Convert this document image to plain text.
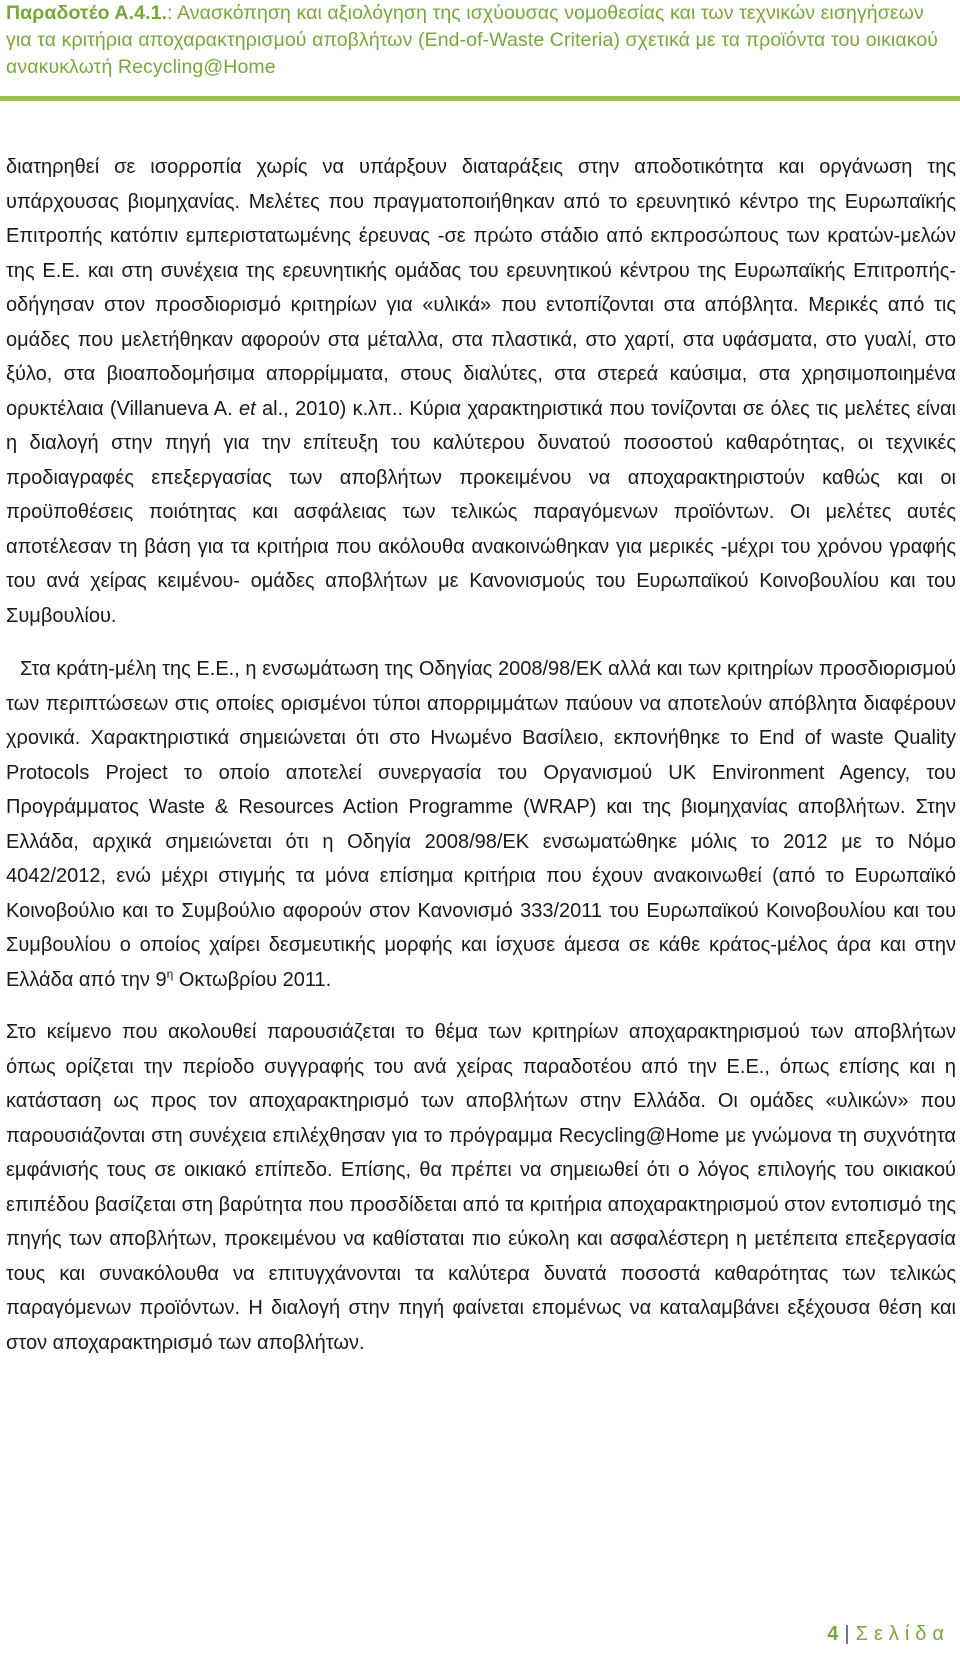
Παραδοτέο Α.4.1.: Ανασκόπηση και αξιολόγηση της ισχύουσας νομοθεσίας και των τεχνικών εισηγήσεων για τα κριτήρια αποχαρακτηρισμού αποβλήτων (End-of-Waste Criteria) σχετικά με τα προϊόντα του οικιακού ανακυκλωτή Recycling@Home

διατηρηθεί σε ισορροπία χωρίς να υπάρξουν διαταράξεις στην αποδοτικότητα και οργάνωση της υπάρχουσας βιομηχανίας. Μελέτες που πραγματοποιήθηκαν από το ερευνητικό κέντρο της Ευρωπαϊκής Επιτροπής κατόπιν εμπεριστατωμένης έρευνας -σε πρώτο στάδιο από εκπροσώπους των κρατών-μελών της Ε.Ε. και στη συνέχεια της ερευνητικής ομάδας του ερευνητικού κέντρου της Ευρωπαϊκής Επιτροπής- οδήγησαν στον προσδιορισμό κριτηρίων για «υλικά» που εντοπίζονται στα απόβλητα. Μερικές από τις ομάδες που μελετήθηκαν αφορούν στα μέταλλα, στα πλαστικά, στο χαρτί, στα υφάσματα, στο γυαλί, στο ξύλο, στα βιοαποδομήσιμα απορρίμματα, στους διαλύτες, στα στερεά καύσιμα, στα χρησιμοποιημένα ορυκτέλαια (Villanueva A. et al., 2010) κ.λπ.. Κύρια χαρακτηριστικά που τονίζονται σε όλες τις μελέτες είναι η διαλογή στην πηγή για την επίτευξη του καλύτερου δυνατού ποσοστού καθαρότητας, οι τεχνικές προδιαγραφές επεξεργασίας των αποβλήτων προκειμένου να αποχαρακτηριστούν καθώς και οι προϋποθέσεις ποιότητας και ασφάλειας των τελικώς παραγόμενων προϊόντων. Οι μελέτες αυτές αποτέλεσαν τη βάση για τα κριτήρια που ακόλουθα ανακοινώθηκαν για μερικές -μέχρι του χρόνου γραφής του ανά χείρας κειμένου- ομάδες αποβλήτων με Κανονισμούς του Ευρωπαϊκού Κοινοβουλίου και του Συμβουλίου.

Στα κράτη-μέλη της Ε.Ε., η ενσωμάτωση της Οδηγίας 2008/98/ΕΚ αλλά και των κριτηρίων προσδιορισμού των περιπτώσεων στις οποίες ορισμένοι τύποι απορριμμάτων παύουν να αποτελούν απόβλητα διαφέρουν χρονικά. Χαρακτηριστικά σημειώνεται ότι στο Ηνωμένο Βασίλειο, εκπονήθηκε το End of waste Quality Protocols Project το οποίο αποτελεί συνεργασία του Οργανισμού UK Environment Agency, του Προγράμματος Waste & Resources Action Programme (WRAP) και της βιομηχανίας αποβλήτων. Στην Ελλάδα, αρχικά σημειώνεται ότι η Οδηγία 2008/98/ΕΚ ενσωματώθηκε μόλις το 2012 με το Νόμο 4042/2012, ενώ μέχρι στιγμής τα μόνα επίσημα κριτήρια που έχουν ανακοινωθεί (από το Ευρωπαϊκό Κοινοβούλιο και το Συμβούλιο αφορούν στον Κανονισμό 333/2011 του Ευρωπαϊκού Κοινοβουλίου και του Συμβουλίου ο οποίος χαίρει δεσμευτικής μορφής και ίσχυσε άμεσα σε κάθε κράτος-μέλος άρα και στην Ελλάδα από την $9^\eta$ Οκτωβρίου 2011.

Στο κείμενο που ακολουθεί παρουσιάζεται το θέμα των κριτηρίων αποχαρακτηρισμού των αποβλήτων όπως ορίζεται την περίοδο συγγραφής του ανά χείρας παραδοτέου από την Ε.Ε., όπως επίσης και η κατάσταση ως προς τον αποχαρακτηρισμό των αποβλήτων στην Ελλάδα. Οι ομάδες «υλικών» που παρουσιάζονται στη συνέχεια επιλέχθησαν για το πρόγραμμα Recycling@Home με γνώμονα τη συχνότητα εμφάνισής τους σε οικιακό επίπεδο. Επίσης, θα πρέπει να σημειωθεί ότι ο λόγος επιλογής του οικιακού επιπέδου βασίζεται στη βαρύτητα που προσδίδεται από τα κριτήρια αποχαρακτηρισμού στον εντοπισμό της πηγής των αποβλήτων, προκειμένου να καθίσταται πιο εύκολη και ασφαλέστερη η μετέπειτα επεξεργασία τους και συνακόλουθα να επιτυγχάνονται τα καλύτερα δυνατά ποσοστά καθαρότητας των τελικώς παραγόμενων προϊόντων. Η διαλογή στην πηγή φαίνεται επομένως να καταλαμβάνει εξέχουσα θέση και στον αποχαρακτηρισμό των αποβλήτων.

4 | Σελίδα
